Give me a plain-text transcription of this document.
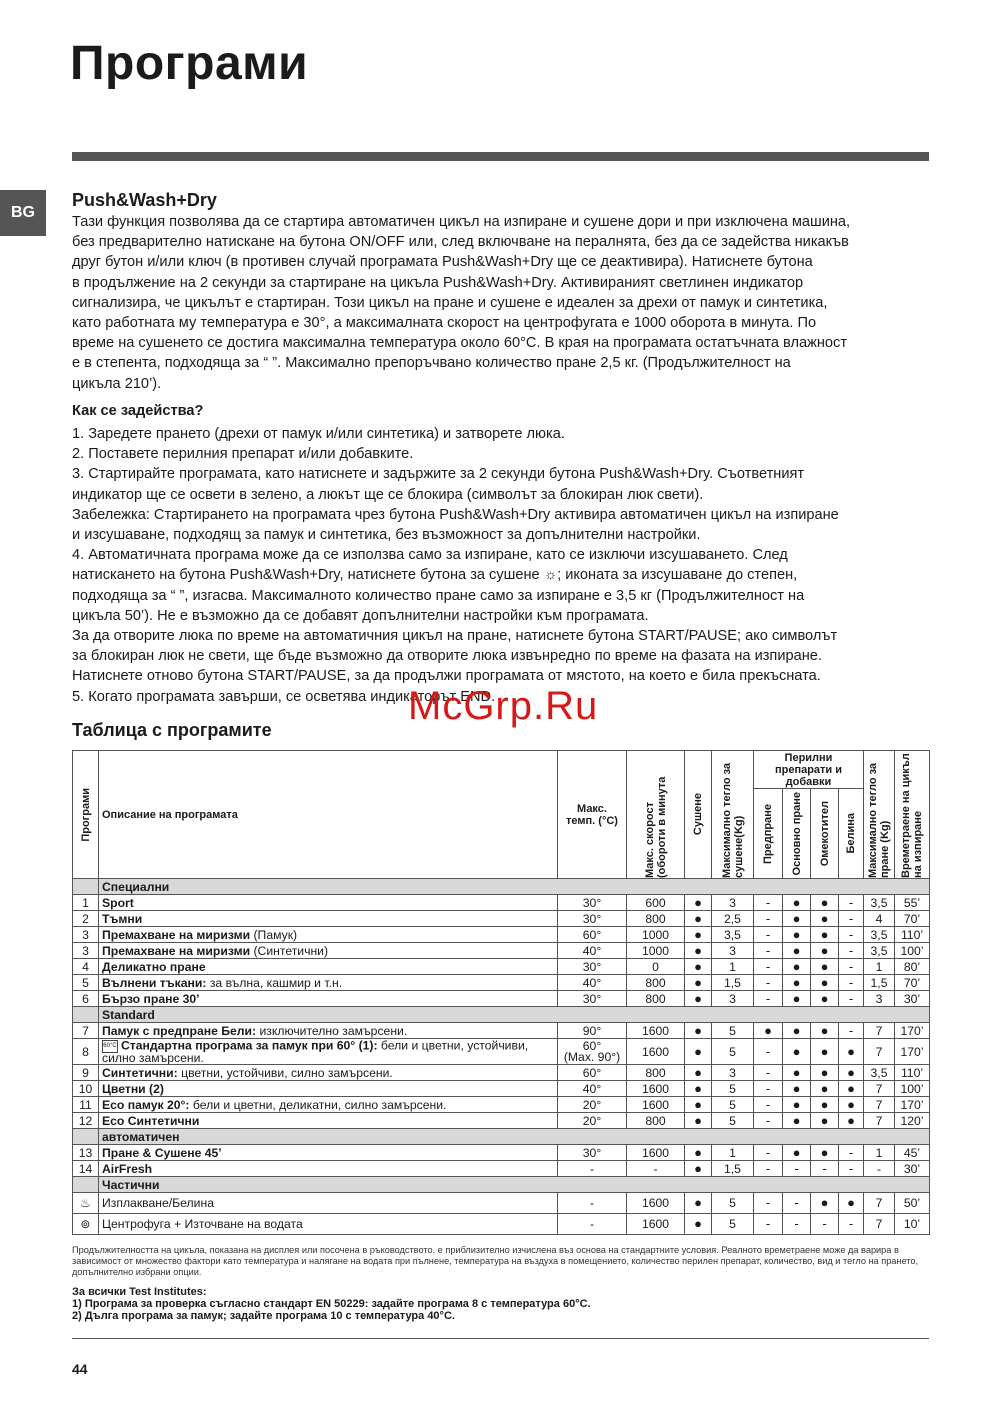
Програми
BG
Push&Wash+Dry

Тази функция позволява да се стартира автоматичен цикъл на изпиране и сушене дори и при изключена машина,

без предварително натискане на бутона ON/OFF или, след включване на пералнята, без да се задейства никакъв

друг бутон и/или ключ (в противен случай програмата Push&Wash+Dry ще се деактивира). Натиснете бутона

в продължение на 2 секунди за стартиране на цикъла Push&Wash+Dry. Активираният светлинен индикатор

сигнализира, че цикълът е стартиран. Този цикъл на пране и сушене е идеален за дрехи от памук и синтетика,

като работната му температура е 30°, а максималната скорост на центрофугата е 1000 оборота в минута. По

време на сушенето се достига максимална температура около 60°C. В края на програмата остатъчната влажност

е в степента, подходяща за “ ”. Максимално препоръчвано количество пране 2,5 кг. (Продължителност на

цикъла 210’).

Как се задейства?

1. Заредете прането (дрехи от памук и/или синтетика) и затворете люка.

2. Поставете перилния препарат и/или добавките.

3. Стартирайте програмата, като натиснете и задържите за 2 секунди бутона Push&Wash+Dry. Съответният

индикатор ще се освети в зелено, а люкът ще се блокира (символът за блокиран люк свети).

Забележка: Стартирането на програмата чрез бутона Push&Wash+Dry активира автоматичен цикъл на изпиране

и изсушаване, подходящ за памук и синтетика, без възможност за допълнителни настройки.

4. Автоматичната програма може да се използва само за изпиране, като се изключи изсушаването. След

натискането на бутона Push&Wash+Dry, натиснете бутона за сушене ☼; иконата за изсушаване до степен,

подходяща за “ ”, изгасва. Максималното количество пране само за изпиране е 3,5 кг (Продължителност на

цикъла 50’). Не е възможно да се добавят допълнителни настройки към програмата.

За да отворите люка по време на автоматичния цикъл на пране, натиснете бутона START/PAUSE; ако символът

за блокиран люк не свети, ще бъде възможно да отворите люка извънредно по време на фазата на изпиране.

Натиснете отново бутона START/PAUSE, за да продължи програмата от мястото, на което е била прекъсната.

5. Когато програмата завърши, се осветява индикаторът END.

McGrp.Ru
Таблица с програмите
Програми	Описание на програмата	Макс. темп. (°C)	Макс. скорост (обороти в минута	Сушене	Максимално тегло за сушене(Kg)	Перилни препарати и добавки				Максимално тегло за пране (Kg)	Времетраене на цикъл на изпиране

						Предпране	Основно пране	Омекотител	Белина		

	Специални										
1	Sport	30°	600	●	3	-	●	●	-	3,5	55’
2	Тъмни	30°	800	●	2,5	-	●	●	-	4	70’
3	Премахване на миризми (Памук)	60°	1000	●	3,5	-	●	●	-	3,5	110’
3	Премахване на миризми (Синтетични)	40°	1000	●	3	-	●	●	-	3,5	100’
4	Деликатно пране	30°	0	●	1	-	●	●	-	1	80’
5	Вълнени тъкани: за вълна, кашмир и т.н.	40°	800	●	1,5	-	●	●	-	1,5	70’
6	Бързо пране 30’	30°	800	●	3	-	●	●	-	3	30’
	Standard										
7	Памук с предпране Бели: изключително замърсени.	90°	1600	●	5	●	●	●	-	7	170’
8	60°C Стандартна програма за памук при 60° (1): бели и цветни, устойчиви, силно замърсени.	60°
(Max. 90°)	1600	●	5	-	●	●	●	7	170’
9	Синтетични: цветни, устойчиви, силно замърсени.	60°	800	●	3	-	●	●	●	3,5	110’
10	Цветни (2)	40°	1600	●	5	-	●	●	●	7	100’
11	Eco памук 20°: бели и цветни, деликатни, силно замърсени.	20°	1600	●	5	-	●	●	●	7	170’
12	Eco Синтетични	20°	800	●	5	-	●	●	●	7	120’
	автоматичен										
13	Пране & Сушене 45’	30°	1600	●	1	-	●	●	-	1	45’
14	AirFresh	-	-	●	1,5	-	-	-	-	-	30’
	Частични										
♨	Изплакване/Белина	-	1600	●	5	-	-	●	●	7	50’
⊚	Центрофуга + Източване на водата	-	1600	●	5	-	-	-	-	7	10’
Продължителността на цикъла, показана на дисплея или посочена в ръководството, е приблизително изчислена въз основа на стандартните условия. Реалното времетраене може да варира в зависимост от множество фактори като температура и налягане на водата при пълнене, температура на въздуха в помещението, количество перилен препарат, количество, вид и тегло на прането, допълнително избрани опции.
За всички Test Institutes:
1) Програма за проверка съгласно стандарт EN 50229: задайте програма 8 с температура 60°C.
2) Дълга програма за памук; задайте програма 10 с температура 40°C.
44
